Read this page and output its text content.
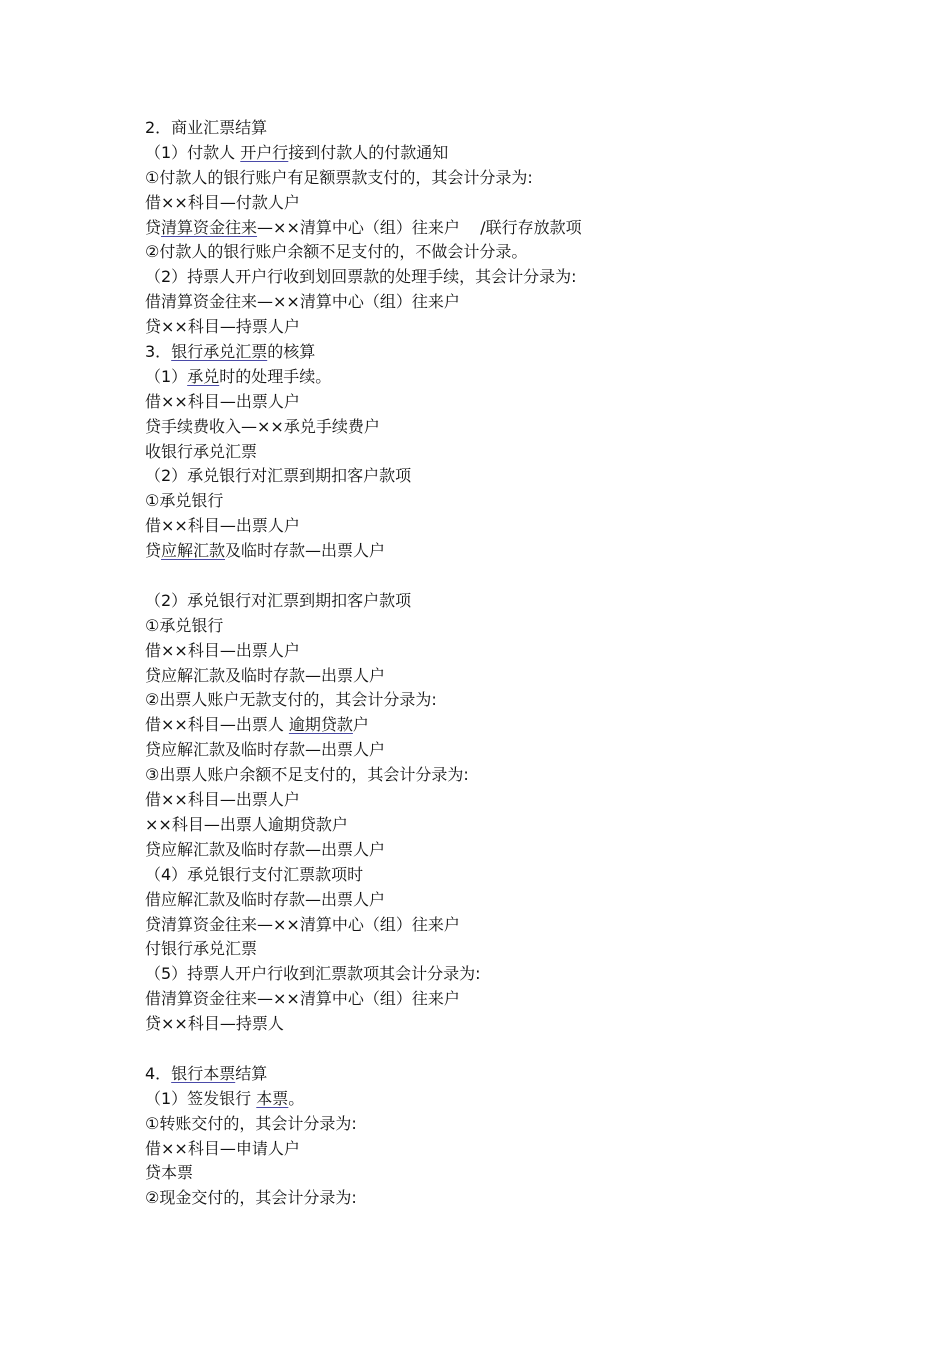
2．商业汇票结算
（1）付款人 开户行接到付款人的付款通知
①付款人的银行账户有足额票款支付的，其会计分录为:
借××科目—付款人户
贷清算资金往来—××清算中心（组）往来户    /联行存放款项
②付款人的银行账户余额不足支付的，不做会计分录。
（2）持票人开户行收到划回票款的处理手续，其会计分录为:
借清算资金往来—××清算中心（组）往来户
贷××科目—持票人户
3．银行承兑汇票的核算
（1）承兑时的处理手续。
借××科目—出票人户
贷手续费收入—××承兑手续费户
收银行承兑汇票
（2）承兑银行对汇票到期扣客户款项
①承兑银行
借××科目—出票人户
贷应解汇款及临时存款—出票人户
（2）承兑银行对汇票到期扣客户款项
①承兑银行
借××科目—出票人户
贷应解汇款及临时存款—出票人户
②出票人账户无款支付的，其会计分录为:
借××科目—出票人 逾期贷款户
贷应解汇款及临时存款—出票人户
③出票人账户余额不足支付的，其会计分录为:
借××科目—出票人户
××科目—出票人逾期贷款户
贷应解汇款及临时存款—出票人户
（4）承兑银行支付汇票款项时
借应解汇款及临时存款—出票人户
贷清算资金往来—××清算中心（组）往来户
付银行承兑汇票
（5）持票人开户行收到汇票款项其会计分录为:
借清算资金往来—××清算中心（组）往来户
贷××科目—持票人
4．银行本票结算
（1）签发银行 本票。
①转账交付的，其会计分录为:
借××科目—申请人户
贷本票
②现金交付的，其会计分录为:
